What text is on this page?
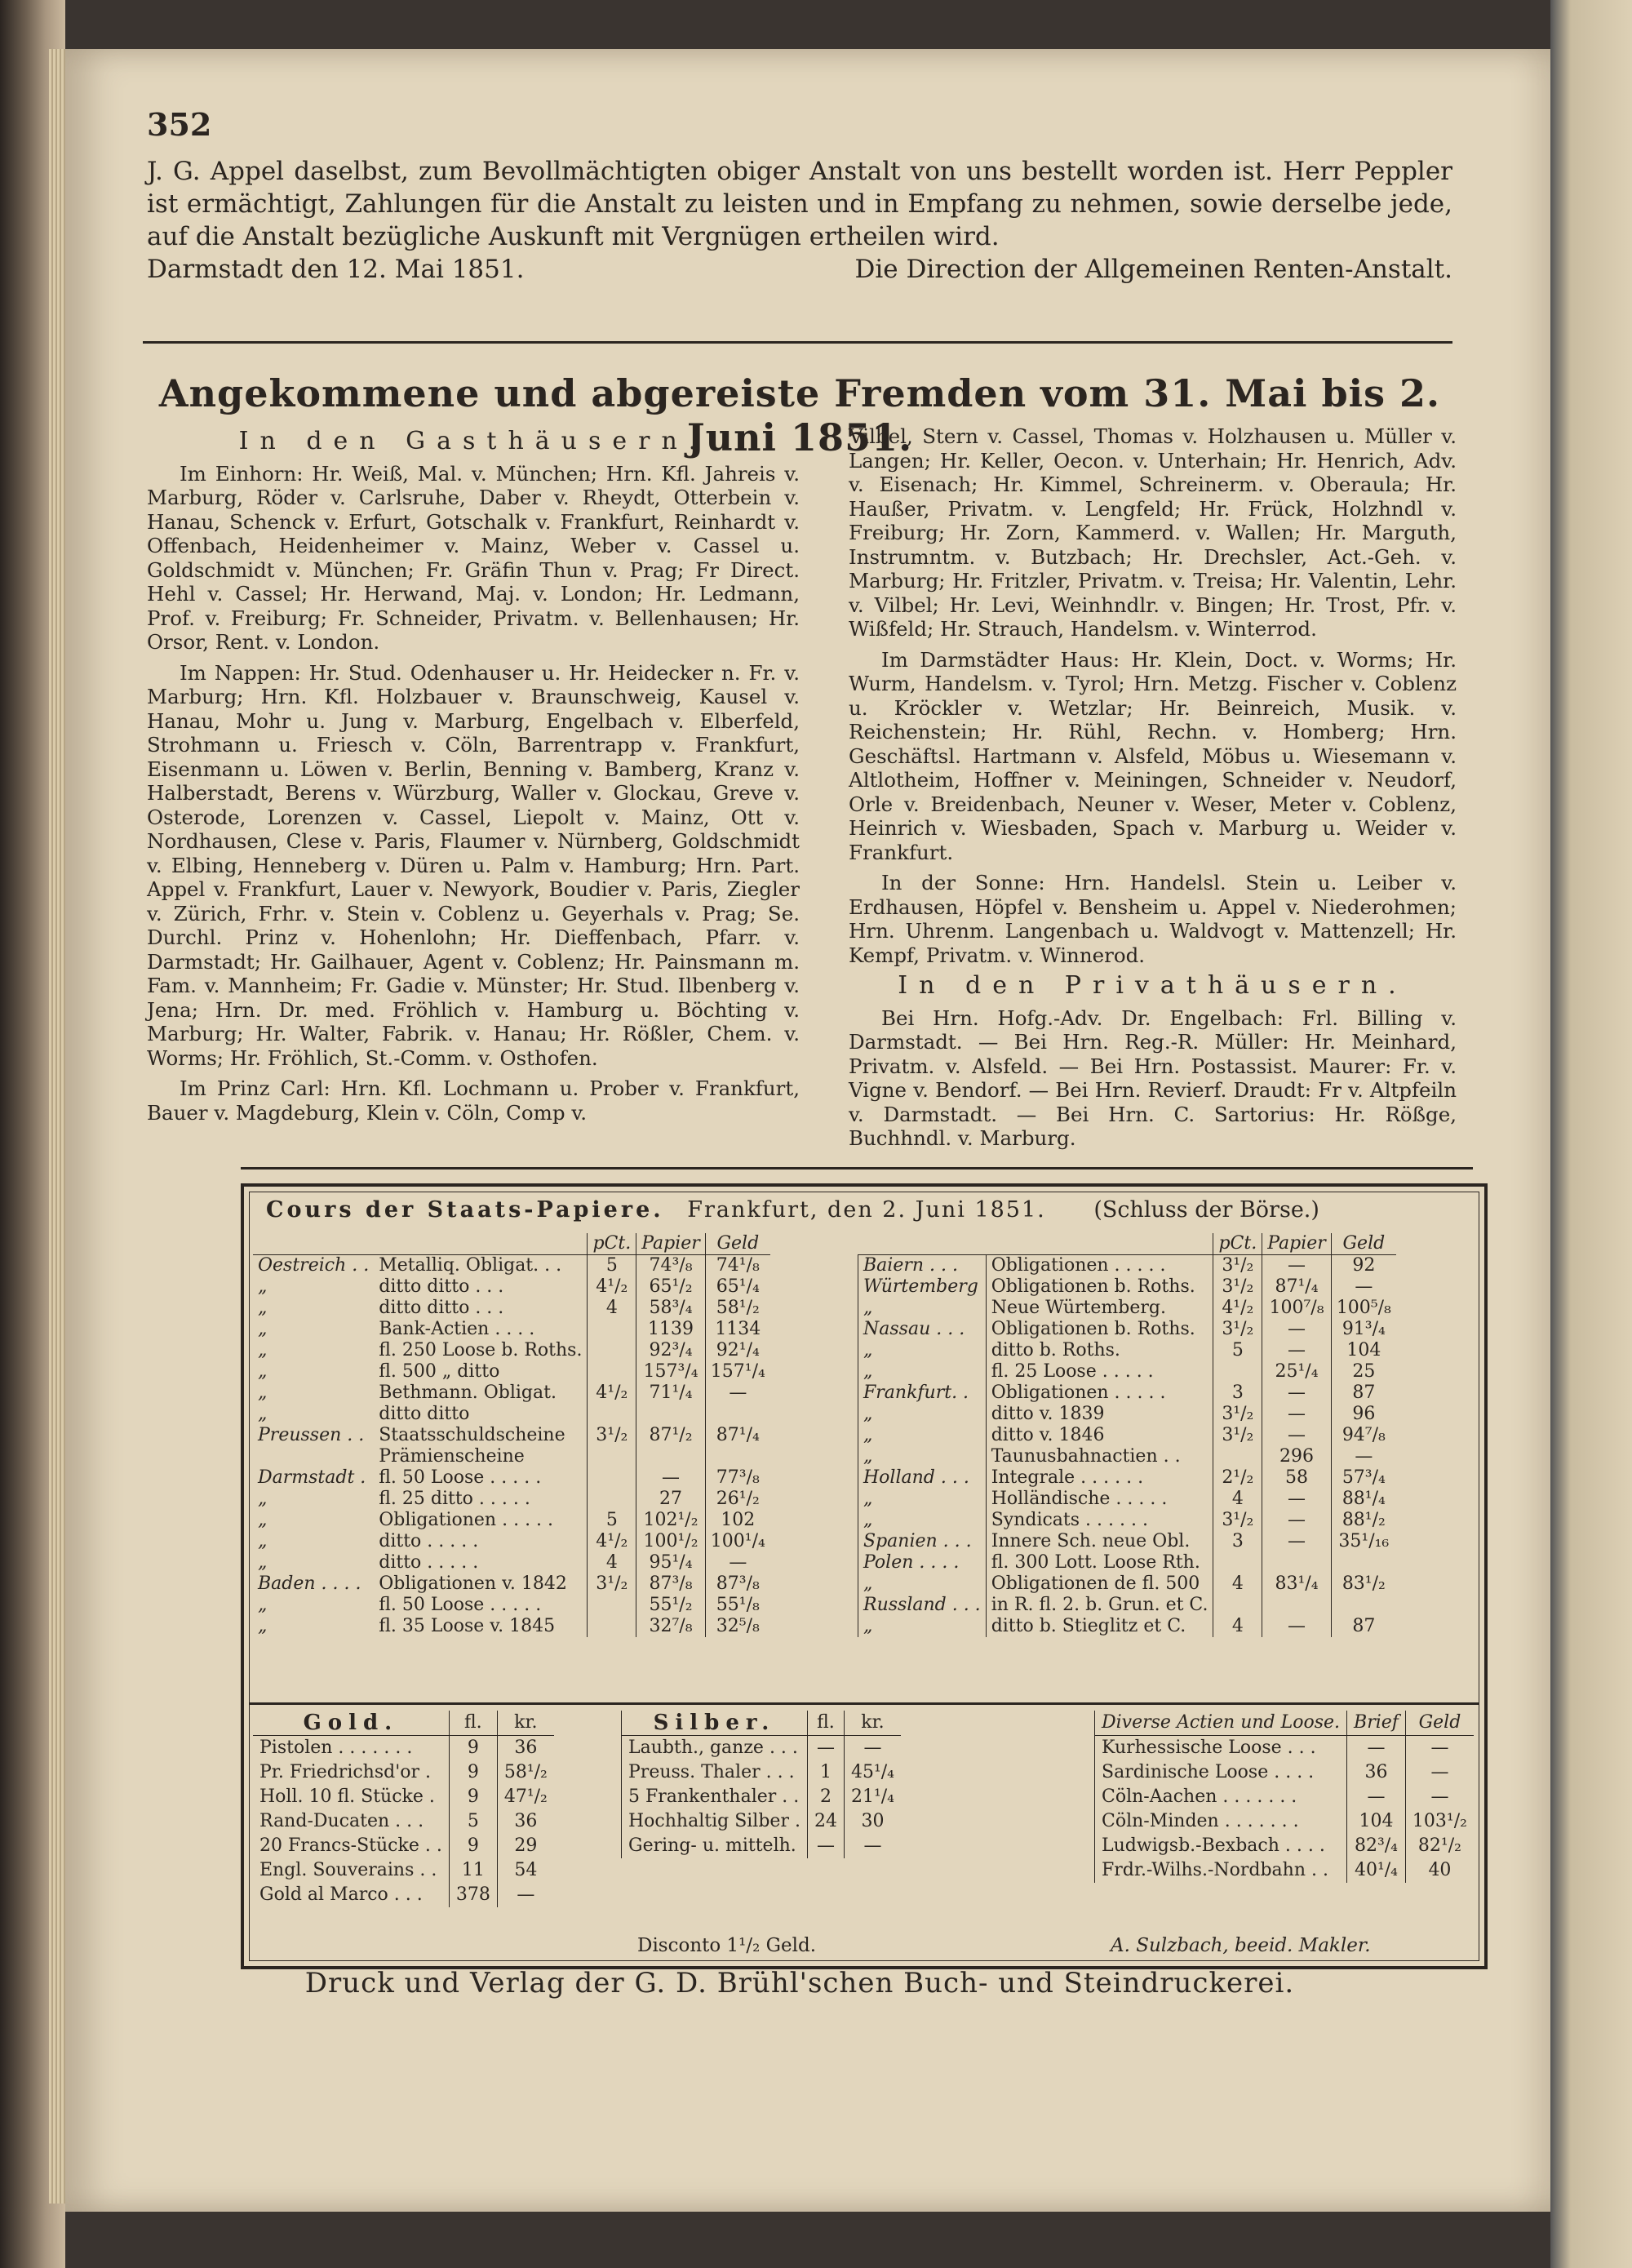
352

J. G. Appel daselbst, zum Bevollmächtigten obiger Anstalt von uns bestellt worden ist. Herr Peppler ist ermächtigt, Zahlungen für die Anstalt zu leisten und in Empfang zu nehmen, sowie derselbe jede, auf die Anstalt bezügliche Auskunft mit Vergnügen ertheilen wird.

Darmstadt den 12. Mai 1851.	Die Direction der Allgemeinen Renten-Anstalt.
Angekommene und abgereiste Fremden vom 31. Mai bis 2. Juni 1851.
In den Gasthäusern.

Im Einhorn: Hr. Weiß, Mal. v. München; Hrn. Kfl. Jahreis v. Marburg, Röder v. Carlsruhe, Daber v. Rheydt, Otterbein v. Hanau, Schenck v. Erfurt, Gotschalk v. Frankfurt, Reinhardt v. Offenbach, Heidenheimer v. Mainz, Weber v. Cassel u. Goldschmidt v. München; Fr. Gräfin Thun v. Prag; Fr Direct. Hehl v. Cassel; Hr. Herwand, Maj. v. London; Hr. Ledmann, Prof. v. Freiburg; Fr. Schneider, Privatm. v. Bellenhausen; Hr. Orsor, Rent. v. London.

Im Nappen: Hr. Stud. Odenhauser u. Hr. Heidecker n. Fr. v. Marburg; Hrn. Kfl. Holzbauer v. Braunschweig, Kausel v. Hanau, Mohr u. Jung v. Marburg, Engelbach v. Elberfeld, Strohmann u. Friesch v. Cöln, Barrentrapp v. Frankfurt, Eisenmann u. Löwen v. Berlin, Benning v. Bamberg, Kranz v. Halberstadt, Berens v. Würzburg, Waller v. Glockau, Greve v. Osterode, Lorenzen v. Cassel, Liepolt v. Mainz, Ott v. Nordhausen, Clese v. Paris, Flaumer v. Nürnberg, Goldschmidt v. Elbing, Henneberg v. Düren u. Palm v. Hamburg; Hrn. Part. Appel v. Frankfurt, Lauer v. Newyork, Boudier v. Paris, Ziegler v. Zürich, Frhr. v. Stein v. Coblenz u. Geyerhals v. Prag; Se. Durchl. Prinz v. Hohenlohn; Hr. Dieffenbach, Pfarr. v. Darmstadt; Hr. Gailhauer, Agent v. Coblenz; Hr. Painsmann m. Fam. v. Mannheim; Fr. Gadie v. Münster; Hr. Stud. Ilbenberg v. Jena; Hrn. Dr. med. Fröhlich v. Hamburg u. Böchting v. Marburg; Hr. Walter, Fabrik. v. Hanau; Hr. Rößler, Chem. v. Worms; Hr. Fröhlich, St.-Comm. v. Osthofen.

Im Prinz Carl: Hrn. Kfl. Lochmann u. Prober v. Frankfurt, Bauer v. Magdeburg, Klein v. Cöln, Comp v.

Vilbel, Stern v. Cassel, Thomas v. Holzhausen u. Müller v. Langen; Hr. Keller, Oecon. v. Unterhain; Hr. Henrich, Adv. v. Eisenach; Hr. Kimmel, Schreinerm. v. Oberaula; Hr. Haußer, Privatm. v. Lengfeld; Hr. Frück, Holzhndl v. Freiburg; Hr. Zorn, Kammerd. v. Wallen; Hr. Marguth, Instrumntm. v. Butzbach; Hr. Drechsler, Act.-Geh. v. Marburg; Hr. Fritzler, Privatm. v. Treisa; Hr. Valentin, Lehr. v. Vilbel; Hr. Levi, Weinhndlr. v. Bingen; Hr. Trost, Pfr. v. Wißfeld; Hr. Strauch, Handelsm. v. Winterrod.

Im Darmstädter Haus: Hr. Klein, Doct. v. Worms; Hr. Wurm, Handelsm. v. Tyrol; Hrn. Metzg. Fischer v. Coblenz u. Kröckler v. Wetzlar; Hr. Beinreich, Musik. v. Reichenstein; Hr. Rühl, Rechn. v. Homberg; Hrn. Geschäftsl. Hartmann v. Alsfeld, Möbus u. Wiesemann v. Altlotheim, Hoffner v. Meiningen, Schneider v. Neudorf, Orle v. Breidenbach, Neuner v. Weser, Meter v. Coblenz, Heinrich v. Wiesbaden, Spach v. Marburg u. Weider v. Frankfurt.

In der Sonne: Hrn. Handelsl. Stein u. Leiber v. Erdhausen, Höpfel v. Bensheim u. Appel v. Niederohmen; Hrn. Uhrenm. Langenbach u. Waldvogt v. Mattenzell; Hr. Kempf, Privatm. v. Winnerod.

In den Privathäusern.

Bei Hrn. Hofg.-Adv. Dr. Engelbach: Frl. Billing v. Darmstadt. — Bei Hrn. Reg.-R. Müller: Hr. Meinhard, Privatm. v. Alsfeld. — Bei Hrn. Postassist. Maurer: Fr. v. Vigne v. Bendorf. — Bei Hrn. Revierf. Draudt: Fr v. Altpfeiln v. Darmstadt. — Bei Hrn. C. Sartorius: Hr. Rößge, Buchhndl. v. Marburg.

Cours der Staats-Papiere. Frankfurt, den 2. Juni 1851. (Schluss der Börse.)
		pCt.	Papier	Geld
Oestreich . .	Metalliq. Obligat. . .	5	74³/₈	74¹/₈
„	ditto ditto . . .	4¹/₂	65¹/₂	65¹/₄
„	ditto ditto . . .	4	58³/₄	58¹/₂
„	Bank-Actien . . . .		1139	1134
„	fl. 250 Loose b. Roths.		92³/₄	92¹/₄
„	fl. 500 „ ditto		157³/₄	157¹/₄
„	Bethmann. Obligat.	4¹/₂	71¹/₄	—
„	ditto ditto			
Preussen . .	Staatsschuldscheine	3¹/₂	87¹/₂	87¹/₄
	Prämienscheine			
Darmstadt .	fl. 50 Loose . . . . .		—	77³/₈
„	fl. 25 ditto . . . . .		27	26¹/₂
„	Obligationen . . . . .	5	102¹/₂	102
„	ditto . . . . .	4¹/₂	100¹/₂	100¹/₄
„	ditto . . . . .	4	95¹/₄	—
Baden . . . .	Obligationen v. 1842	3¹/₂	87³/₈	87³/₈
„	fl. 50 Loose . . . . .		55¹/₂	55¹/₈
„	fl. 35 Loose v. 1845		32⁷/₈	32⁵/₈
		pCt.	Papier	Geld
Baiern . . .	Obligationen . . . . .	3¹/₂	—	92
Würtemberg	Obligationen b. Roths.	3¹/₂	87¹/₄	—
„	Neue Würtemberg.	4¹/₂	100⁷/₈	100⁵/₈
Nassau . . .	Obligationen b. Roths.	3¹/₂	—	91³/₄
„	ditto b. Roths.	5	—	104
„	fl. 25 Loose . . . . .		25¹/₄	25
Frankfurt. .	Obligationen . . . . .	3	—	87
„	ditto v. 1839	3¹/₂	—	96
„	ditto v. 1846	3¹/₂	—	94⁷/₈
„	Taunusbahnactien . .		296	—
Holland . . .	Integrale . . . . . .	2¹/₂	58	57³/₄
„	Holländische . . . . .	4	—	88¹/₄
„	Syndicats . . . . . .	3¹/₂	—	88¹/₂
Spanien . . .	Innere Sch. neue Obl.	3	—	35¹/₁₆
Polen . . . .	fl. 300 Lott. Loose Rth.			
„	Obligationen de fl. 500	4	83¹/₄	83¹/₂
Russland . . .	in R. fl. 2. b. Grun. et C.			
„	ditto b. Stieglitz et C.	4	—	87
Gold.	fl.	kr.
Pistolen . . . . . . .	9	36
Pr. Friedrichsd'or .	9	58¹/₂
Holl. 10 fl. Stücke .	9	47¹/₂
Rand-Ducaten . . .	5	36
20 Francs-Stücke . .	9	29
Engl. Souverains . .	11	54
Gold al Marco . . .	378	—
Silber.	fl.	kr.
Laubth., ganze . . .	—	—
Preuss. Thaler . . .	1	45¹/₄
5 Frankenthaler . .	2	21¹/₄
Hochhaltig Silber .	24	30
Gering- u. mittelh.	—	—
Diverse Actien und Loose.	Brief	Geld
Kurhessische Loose . . .	—	—
Sardinische Loose . . . .	36	—
Cöln-Aachen . . . . . . .	—	—
Cöln-Minden . . . . . . .	104	103¹/₂
Ludwigsb.-Bexbach . . . .	82³/₄	82¹/₂
Frdr.-Wilhs.-Nordbahn . .	40¹/₄	40
Disconto 1¹/₂ Geld.	A. Sulzbach, beeid. Makler.
Druck und Verlag der G. D. Brühl'schen Buch- und Steindruckerei.
